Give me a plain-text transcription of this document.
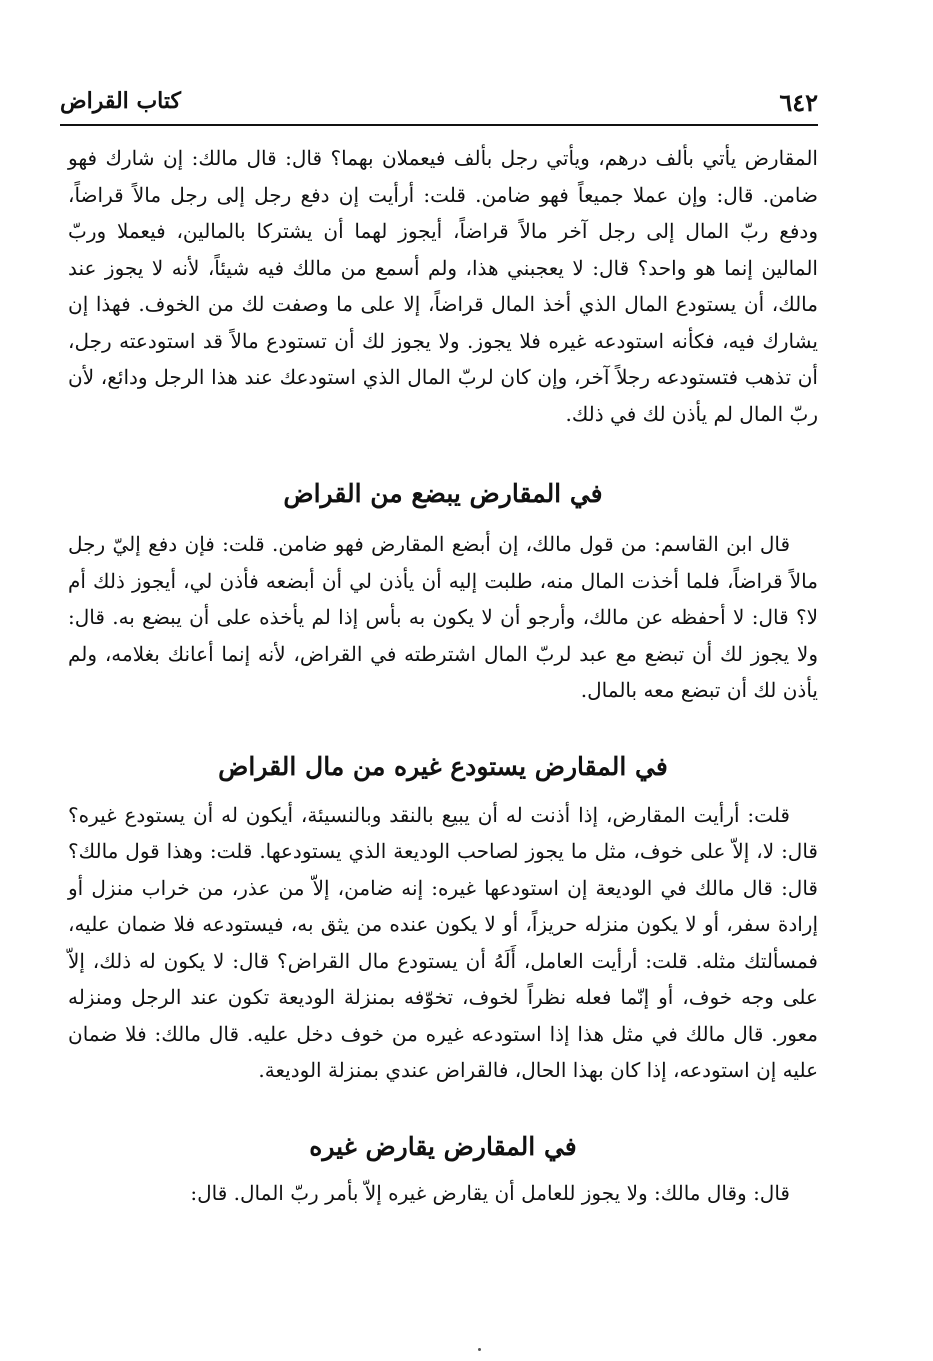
٦٤٢
كتاب القراض

المقارض يأتي بألف درهم، ويأتي رجل بألف فيعملان بهما؟ قال: قال مالك: إن شارك فهو ضامن. قال: وإن عملا جميعاً فهو ضامن. قلت: أرأيت إن دفع رجل إلى رجل مالاً قراضاً، ودفع ربّ المال إلى رجل آخر مالاً قراضاً، أيجوز لهما أن يشتركا بالمالين، فيعملا وربّ المالين إنما هو واحد؟ قال: لا يعجبني هذا، ولم أسمع من مالك فيه شيئاً، لأنه لا يجوز عند مالك، أن يستودع المال الذي أخذ المال قراضاً، إلا على ما وصفت لك من الخوف. فهذا إن يشارك فيه، فكأنه استودعه غيره فلا يجوز. ولا يجوز لك أن تستودع مالاً قد استودعته رجل، أن تذهب فتستودعه رجلاً آخر، وإن كان لربّ المال الذي استودعك عند هذا الرجل ودائع، لأن ربّ المال لم يأذن لك في ذلك.

في المقارض يبضع من القراض

قال ابن القاسم: من قول مالك، إن أبضع المقارض فهو ضامن. قلت: فإن دفع إليّ رجل مالاً قراضاً، فلما أخذت المال منه، طلبت إليه أن يأذن لي أن أبضعه فأذن لي، أيجوز ذلك أم لا؟ قال: لا أحفظه عن مالك، وأرجو أن لا يكون به بأس إذا لم يأخذه على أن يبضع به. قال: ولا يجوز لك أن تبضع مع عبد لربّ المال اشترطته في القراض، لأنه إنما أعانك بغلامه، ولم يأذن لك أن تبضع معه بالمال.

في المقارض يستودع غيره من مال القراض

قلت: أرأيت المقارض، إذا أذنت له أن يبيع بالنقد وبالنسيئة، أيكون له أن يستودع غيره؟ قال: لا، إلاّ على خوف، مثل ما يجوز لصاحب الوديعة الذي يستودعها. قلت: وهذا قول مالك؟ قال: قال مالك في الوديعة إن استودعها غيره: إنه ضامن، إلاّ من عذر، من خراب منزل أو إرادة سفر، أو لا يكون منزله حريزاً، أو لا يكون عنده من يثق به، فيستودعه فلا ضمان عليه، فمسألتك مثله. قلت: أرأيت العامل، أَلَهُ أن يستودع مال القراض؟ قال: لا يكون له ذلك، إلاّ على وجه خوف، أو إنّما فعله نظراً لخوف، تخوّفه بمنزلة الوديعة تكون عند الرجل ومنزله معور. قال مالك في مثل هذا إذا استودعه غيره من خوف دخل عليه. قال مالك: فلا ضمان عليه إن استودعه، إذا كان بهذا الحال، فالقراض عندي بمنزلة الوديعة.

في المقارض يقارض غيره

قال: وقال مالك: ولا يجوز للعامل أن يقارض غيره إلاّ بأمر ربّ المال. قال:
